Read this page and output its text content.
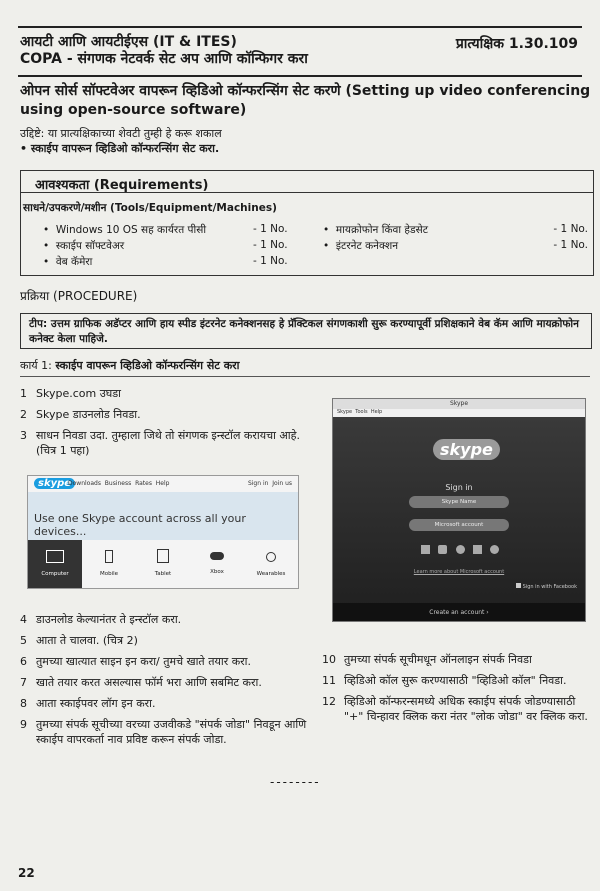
आयटी आणि आयटीईएस (IT & ITES)
COPA - संगणक नेटवर्क सेट अप आणि कॉन्फिगर करा
प्रात्यक्षिक 1.30.109
ओपन सोर्स सॉफ्टवेअर वापरून व्हिडिओ कॉन्फरन्सिंग सेट करणे (Setting up video conferencing using open-source software)
उद्दिष्टे: या प्रात्यक्षिकाच्या शेवटी तुम्ही हे करू शकाल
• स्काईप वापरून व्हिडिओ कॉन्फरन्सिंग सेट करा.
आवश्यकता (Requirements)
साधने/उपकरणे/मशीन (Tools/Equipment/Machines)
•  Windows 10 OS सह कार्यरत पीसी	- 1 No.
•  स्काईप सॉफ्टवेअर	- 1 No.
•  वेब कॅमेरा	- 1 No.
•  मायक्रोफोन किंवा हेडसेट	- 1 No.
•  इंटरनेट कनेक्शन	- 1 No.
प्रक्रिया (PROCEDURE)
टीप: उत्तम ग्राफिक अडॅप्टर आणि हाय स्पीड इंटरनेट कनेक्शनसह हे प्रॅक्टिकल संगणकाशी सुरू करण्यापूर्वी प्रशिक्षकाने वेब कॅम आणि मायक्रोफोन कनेक्ट केला पाहिजे.
कार्य 1: स्काईप वापरून व्हिडिओ कॉन्फरन्सिंग सेट करा
1 Skype.com उघडा
2 Skype डाउनलोड निवडा.
3 साधन निवडा उदा. तुम्हाला जिथे तो संगणक इन्स्टॉल करायचा आहे. (चित्र 1 पहा)
skype
Downloads Business Rates Help	Sign in Join us
Use one Skype account across all your devices...
Computer	Mobile	Tablet	Xbox	Wearables
4 डाउनलोड केल्यानंतर ते इन्स्टॉल करा.
5 आता ते चालवा. (चित्र 2)
6 तुमच्या खात्यात साइन इन करा/ तुमचे खाते तयार करा.
7 खाते तयार करत असल्यास फॉर्म भरा आणि सबमिट करा.
8 आता स्काईपवर लॉग इन करा.
9 तुमच्या संपर्क सूचीच्या वरच्या उजवीकडे "संपर्क जोडा" निवडून आणि स्काईप वापरकर्ता नाव प्रविष्ट करून संपर्क जोडा.
Skype
Skype Tools Help
skype
Sign in
Skype Name
Microsoft account
Learn more about Microsoft account
Sign in with Facebook
Create an account ›
10 तुमच्या संपर्क सूचीमधून ऑनलाइन संपर्क निवडा
11 व्हिडिओ कॉल सुरू करण्यासाठी "व्हिडिओ कॉल" निवडा.
12 व्हिडिओ कॉन्फरन्समध्ये अधिक स्काईप संपर्क जोडण्यासाठी "+" चिन्हावर क्लिक करा नंतर "लोक जोडा" वर क्लिक करा.
--------
22
